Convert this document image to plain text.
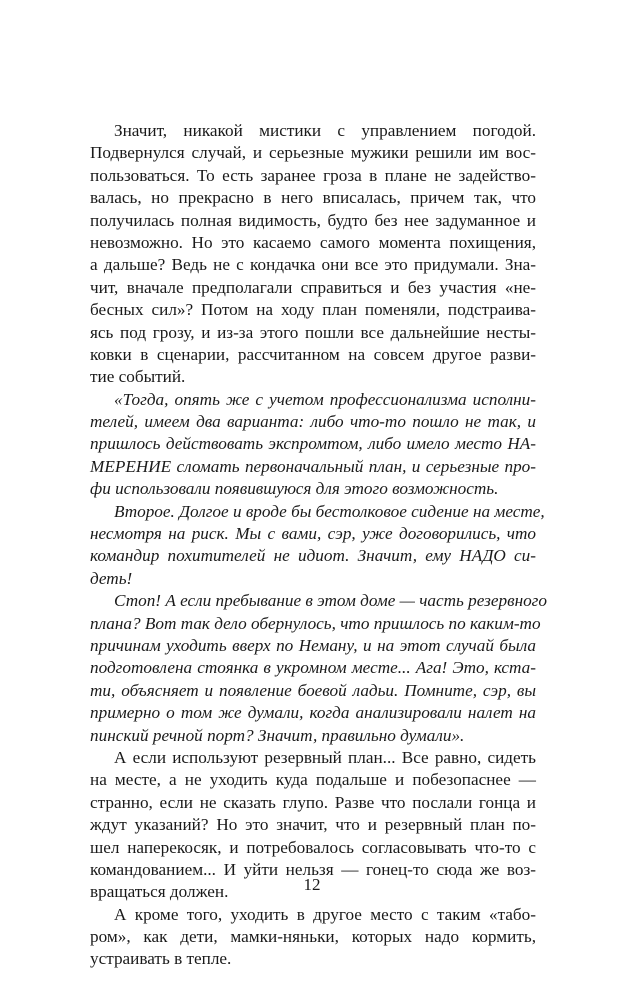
Значит, никакой мистики с управлением погодой.
Подвернулся случай, и серьезные мужики решили им вос-
пользоваться. То есть заранее гроза в плане не задейство-
валась, но прекрасно в него вписалась, причем так, что
получилась полная видимость, будто без нее задуманное и
невозможно. Но это касаемо самого момента похищения,
а дальше? Ведь не с кондачка они все это придумали. Зна-
чит, вначале предполагали справиться и без участия «не-
бесных сил»? Потом на ходу план поменяли, подстраива-
ясь под грозу, и из-за этого пошли все дальнейшие несты-
ковки в сценарии, рассчитанном на совсем другое разви-
тие событий.
«Тогда, опять же с учетом профессионализма исполни-
телей, имеем два варианта: либо что-то пошло не так, и
пришлось действовать экспромтом, либо имело место НА-
МЕРЕНИЕ сломать первоначальный план, и серьезные про-
фи использовали появившуюся для этого возможность.
Второе. Долгое и вроде бы бестолковое сидение на месте,
несмотря на риск. Мы с вами, сэр, уже договорились, что
командир похитителей не идиот. Значит, ему НАДО си-
деть!
Стоп! А если пребывание в этом доме — часть резервного
плана? Вот так дело обернулось, что пришлось по каким-то
причинам уходить вверх по Неману, и на этот случай была
подготовлена стоянка в укромном месте... Ага! Это, кста-
ти, объясняет и появление боевой ладьи. Помните, сэр, вы
примерно о том же думали, когда анализировали налет на
пинский речной порт? Значит, правильно думали».
А если используют резервный план... Все равно, сидеть
на месте, а не уходить куда подальше и побезопаснее —
странно, если не сказать глупо. Разве что послали гонца и
ждут указаний? Но это значит, что и резервный план по-
шел наперекосяк, и потребовалось согласовывать что-то с
командованием... И уйти нельзя — гонец-то сюда же воз-
вращаться должен.
А кроме того, уходить в другое место с таким «табо-
ром», как дети, мамки-няньки, которых надо кормить,
устраивать в тепле.
12
